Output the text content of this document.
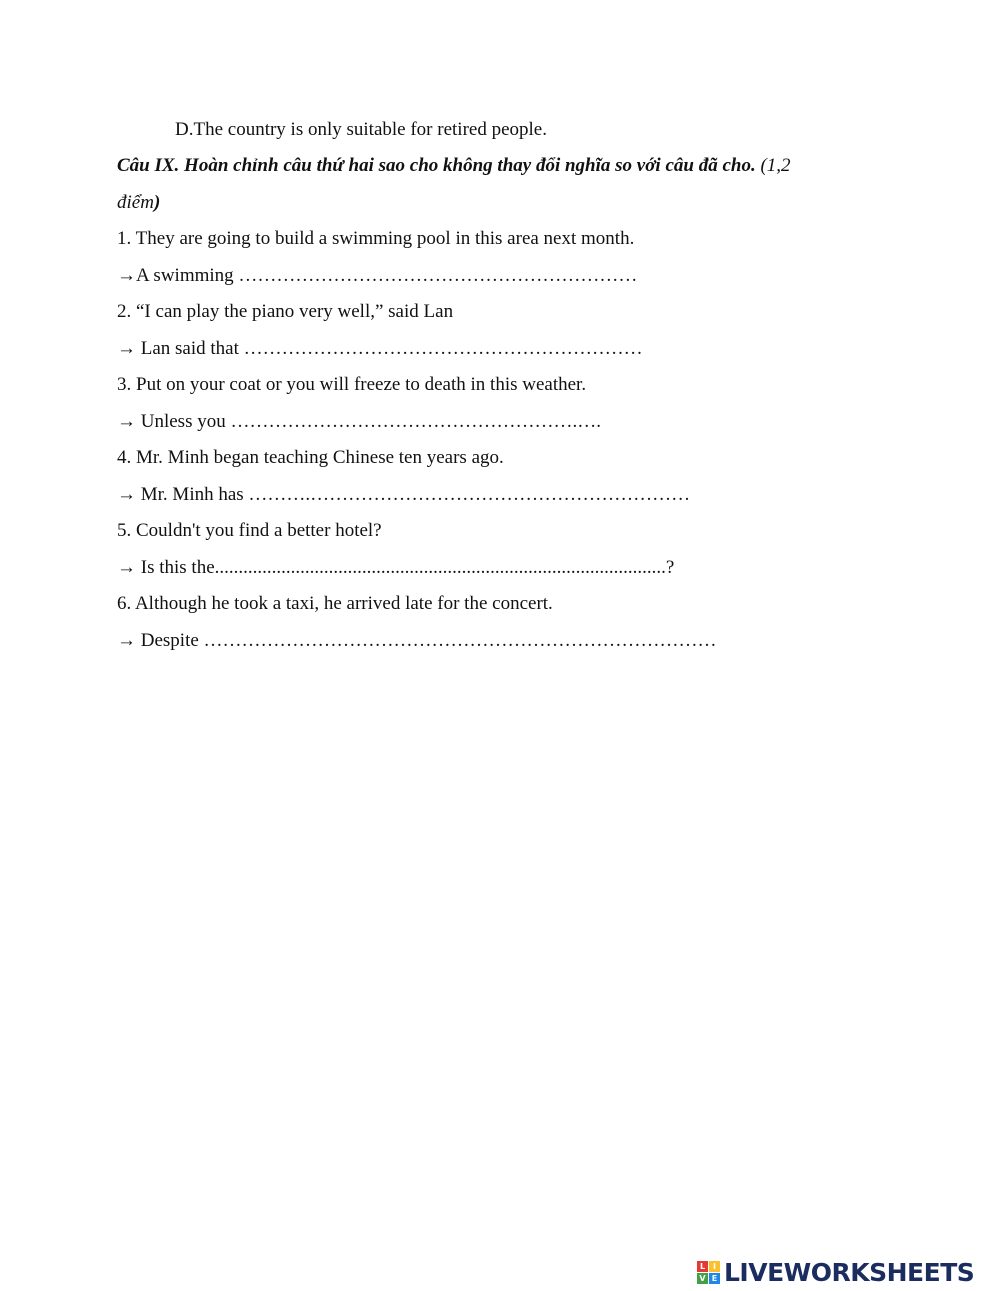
D.The country is only suitable for retired people.
Câu IX. Hoàn chỉnh câu thứ hai sao cho không thay đổi nghĩa so với câu đã cho. (1,2
điểm)
1. They are going to build a swimming pool in this area next month.
→A swimming ………………………………………………………
2. “I can play the piano very well,” said Lan
→ Lan said that ………………………………………………………
3. Put on your coat or you will freeze to death in this weather.
→ Unless you ……………………………………………….….
4. Mr. Minh began teaching Chinese ten years ago.
→ Mr. Minh has ……….……………………………………………………
5. Couldn't you find a better hotel?
→ Is this the...............................................................................................?
6. Although he took a taxi, he arrived late for the concert.
→ Despite ………………………………………………………………………
L I
V E LIVEWORKSHEETS
